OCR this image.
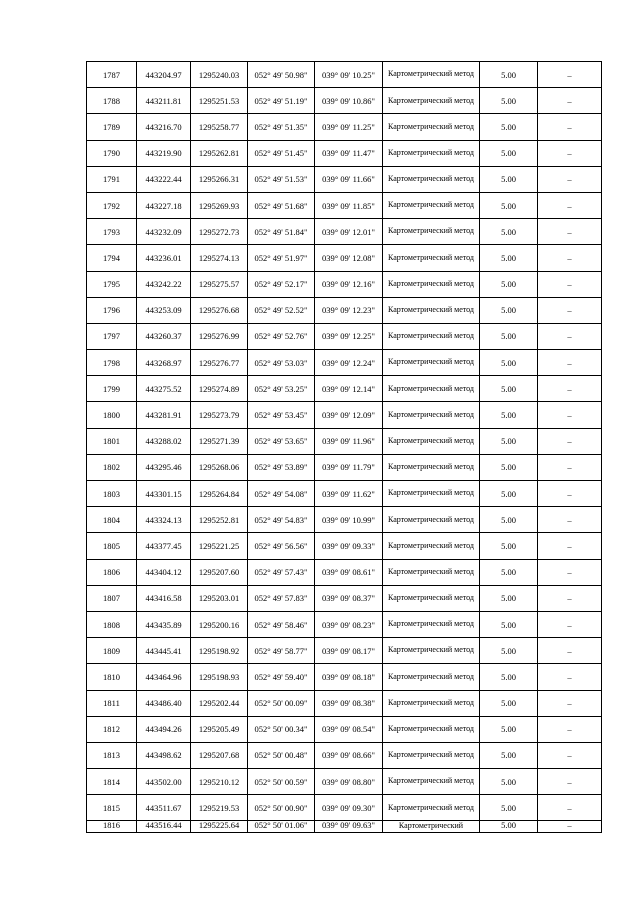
1787	443204.97	1295240.03	052° 49' 50.98"	039° 09' 10.25"	Картометрический метод	5.00	–
1788	443211.81	1295251.53	052° 49' 51.19"	039° 09' 10.86"	Картометрический метод	5.00	–
1789	443216.70	1295258.77	052° 49' 51.35"	039° 09' 11.25"	Картометрический метод	5.00	–
1790	443219.90	1295262.81	052° 49' 51.45"	039° 09' 11.47"	Картометрический метод	5.00	–
1791	443222.44	1295266.31	052° 49' 51.53"	039° 09' 11.66"	Картометрический метод	5.00	–
1792	443227.18	1295269.93	052° 49' 51.68"	039° 09' 11.85"	Картометрический метод	5.00	–
1793	443232.09	1295272.73	052° 49' 51.84"	039° 09' 12.01"	Картометрический метод	5.00	–
1794	443236.01	1295274.13	052° 49' 51.97"	039° 09' 12.08"	Картометрический метод	5.00	–
1795	443242.22	1295275.57	052° 49' 52.17"	039° 09' 12.16"	Картометрический метод	5.00	–
1796	443253.09	1295276.68	052° 49' 52.52"	039° 09' 12.23"	Картометрический метод	5.00	–
1797	443260.37	1295276.99	052° 49' 52.76"	039° 09' 12.25"	Картометрический метод	5.00	–
1798	443268.97	1295276.77	052° 49' 53.03"	039° 09' 12.24"	Картометрический метод	5.00	–
1799	443275.52	1295274.89	052° 49' 53.25"	039° 09' 12.14"	Картометрический метод	5.00	–
1800	443281.91	1295273.79	052° 49' 53.45"	039° 09' 12.09"	Картометрический метод	5.00	–
1801	443288.02	1295271.39	052° 49' 53.65"	039° 09' 11.96"	Картометрический метод	5.00	–
1802	443295.46	1295268.06	052° 49' 53.89"	039° 09' 11.79"	Картометрический метод	5.00	–
1803	443301.15	1295264.84	052° 49' 54.08"	039° 09' 11.62"	Картометрический метод	5.00	–
1804	443324.13	1295252.81	052° 49' 54.83"	039° 09' 10.99"	Картометрический метод	5.00	–
1805	443377.45	1295221.25	052° 49' 56.56"	039° 09' 09.33"	Картометрический метод	5.00	–
1806	443404.12	1295207.60	052° 49' 57.43"	039° 09' 08.61"	Картометрический метод	5.00	–
1807	443416.58	1295203.01	052° 49' 57.83"	039° 09' 08.37"	Картометрический метод	5.00	–
1808	443435.89	1295200.16	052° 49' 58.46"	039° 09' 08.23"	Картометрический метод	5.00	–
1809	443445.41	1295198.92	052° 49' 58.77"	039° 09' 08.17"	Картометрический метод	5.00	–
1810	443464.96	1295198.93	052° 49' 59.40"	039° 09' 08.18"	Картометрический метод	5.00	–
1811	443486.40	1295202.44	052° 50' 00.09"	039° 09' 08.38"	Картометрический метод	5.00	–
1812	443494.26	1295205.49	052° 50' 00.34"	039° 09' 08.54"	Картометрический метод	5.00	–
1813	443498.62	1295207.68	052° 50' 00.48"	039° 09' 08.66"	Картометрический метод	5.00	–
1814	443502.00	1295210.12	052° 50' 00.59"	039° 09' 08.80"	Картометрический метод	5.00	–
1815	443511.67	1295219.53	052° 50' 00.90"	039° 09' 09.30"	Картометрический метод	5.00	–
1816	443516.44	1295225.64	052° 50' 01.06"	039° 09' 09.63"	Картометрический	5.00	–
